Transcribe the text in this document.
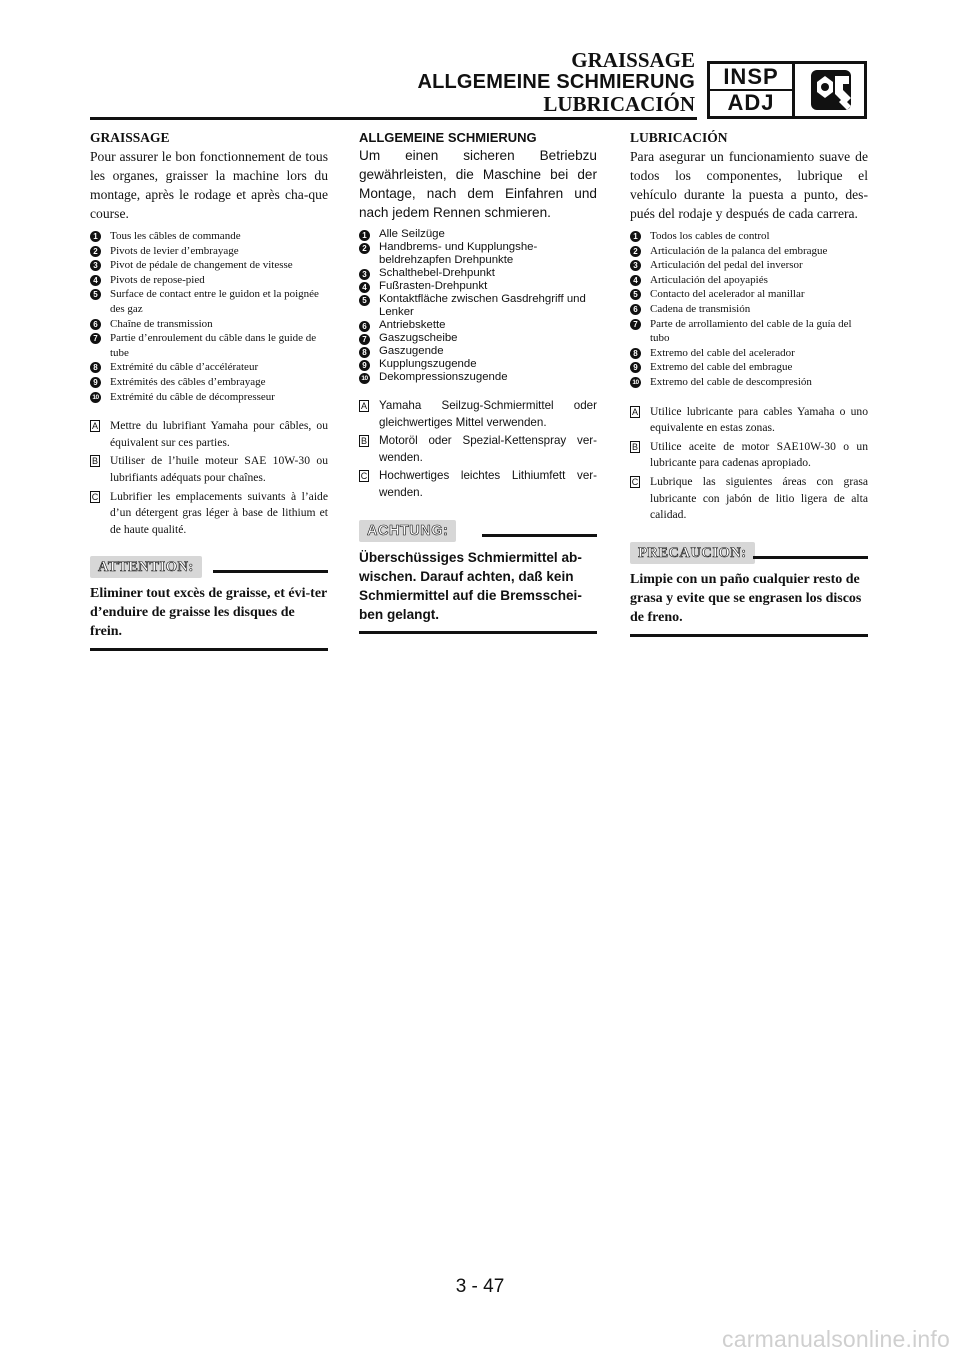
GRAISSAGE
ALLGEMEINE SCHMIERUNG
LUBRICACIÓN
INSP
ADJ
GRAISSAGE

Pour assurer le bon fonctionnement de tous les organes, graisser la machine lors du montage, après le rodage et après cha-que course.

1 Tous les câbles de commande
2 Pivots de levier d’embrayage
3 Pivot de pédale de changement de vitesse
4 Pivots de repose-pied
5 Surface de contact entre le guidon et la poignée des gaz
6 Chaîne de transmission
7 Partie d’enroulement du câble dans le guide de tube
8 Extrémité du câble d’accélérateur
9 Extrémités des câbles d’embrayage
10 Extrémité du câble de décompresseur
A Mettre du lubrifiant Yamaha pour câbles, ou équivalent sur ces parties.
B Utiliser de l’huile moteur SAE 10W-30 ou lubrifiants adéquats pour chaînes.
C Lubrifier les emplacements suivants à l’aide d’un détergent gras léger à base de lithium et de haute qualité.
ATTENTION:
Eliminer tout excès de graisse, et évi-ter d’enduire de graisse les disques de frein.
ALLGEMEINE SCHMIERUNG

Um einen sicheren Betriebzu gewährleisten, die Maschine bei der Montage, nach dem Einfahren und nach jedem Rennen schmieren.

1 Alle Seilzüge
2 Handbrems- und Kupplungshe-beldrehzapfen Drehpunkte
3 Schalthebel-Drehpunkt
4 Fußrasten-Drehpunkt
5 Kontaktfläche zwischen Gasdrehgriff und Lenker
6 Antriebskette
7 Gaszugscheibe
8 Gaszugende
9 Kupplungszugende
10 Dekompressionszugende
A Yamaha Seilzug-Schmiermittel oder gleichwertiges Mittel verwenden.
B Motoröl oder Spezial-Kettenspray ver-wenden.
C Hochwertiges leichtes Lithiumfett ver-wenden.
ACHTUNG:
Überschüssiges Schmiermittel ab-wischen. Darauf achten, daß kein Schmiermittel auf die Bremsschei-ben gelangt.
LUBRICACIÓN

Para asegurar un funcionamiento suave de todos los componentes, lubrique el vehículo durante la puesta a punto, des-pués del rodaje y después de cada carrera.

1 Todos los cables de control
2 Articulación de la palanca del embrague
3 Articulación del pedal del inversor
4 Articulación del apoyapiés
5 Contacto del acelerador al manillar
6 Cadena de transmisión
7 Parte de arrollamiento del cable de la guía del tubo
8 Extremo del cable del acelerador
9 Extremo del cable del embrague
10 Extremo del cable de descompresión
A Utilice lubricante para cables Yamaha o uno equivalente en estas zonas.
B Utilice aceite de motor SAE10W-30 o un lubricante para cadenas apropiado.
C Lubrique las siguientes áreas con grasa lubricante con jabón de litio ligera de alta calidad.
PRECAUCION:
Limpie con un paño cualquier resto de grasa y evite que se engrasen los discos de freno.
3 - 47
carmanualsonline.info
